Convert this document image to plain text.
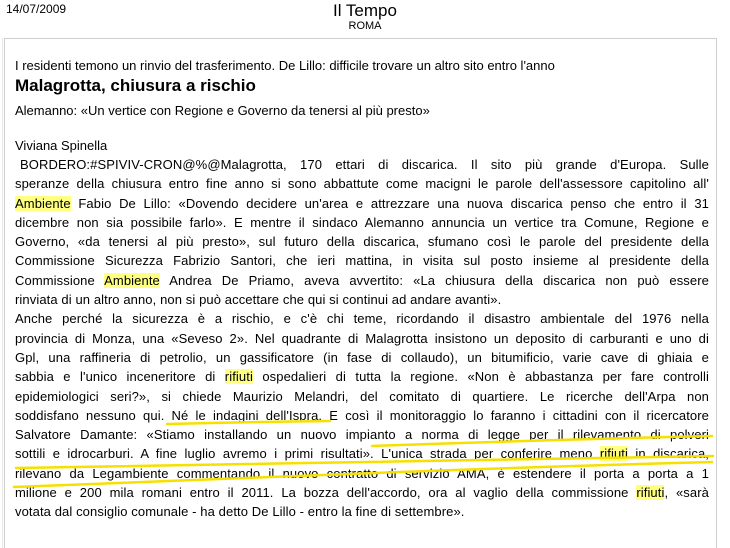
14/07/2009	Il Tempo
ROMA
I residenti temono un rinvio del trasferimento. De Lillo: difficile trovare un altro sito entro l'anno
Malagrotta, chiusura a rischio
Alemanno: «Un vertice con Regione e Governo da tenersi al più presto»
Viviana Spinella
BORDERO:#SPIVIV-CRON@%@Malagrotta, 170 ettari di discarica. Il sito più grande d'Europa. Sulle
speranze della chiusura entro fine anno si sono abbattute come macigni le parole dell'assessore capitolino all'
Ambiente Fabio De Lillo: «Dovendo decidere un'area e attrezzare una nuova discarica penso che entro il 31
dicembre non sia possibile farlo». E mentre il sindaco Alemanno annuncia un vertice tra Comune, Regione e
Governo, «da tenersi al più presto», sul futuro della discarica, sfumano così le parole del presidente della
Commissione Sicurezza Fabrizio Santori, che ieri mattina, in visita sul posto insieme al presidente della
Commissione Ambiente Andrea De Priamo, aveva avvertito: «La chiusura della discarica non può essere
rinviata di un altro anno, non si può accettare che qui si continui ad andare avanti».
Anche perché la sicurezza è a rischio, e c'è chi teme, ricordando il disastro ambientale del 1976 nella
provincia di Monza, una «Seveso 2». Nel quadrante di Malagrotta insistono un deposito di carburanti e uno di
Gpl, una raffineria di petrolio, un gassificatore (in fase di collaudo), un bitumificio, varie cave di ghiaia e
sabbia e l'unico inceneritore di rifiuti ospedalieri di tutta la regione. «Non è abbastanza per fare controlli
epidemiologici seri?», si chiede Maurizio Melandri, del comitato di quartiere. Le ricerche dell'Arpa non
soddisfano nessuno qui. Né le indagini dell'Ispra. E così il monitoraggio lo faranno i cittadini con il ricercatore
Salvatore Damante: «Stiamo installando un nuovo impianto a norma di legge per il rilevamento di polveri
sottili e idrocarburi. A fine luglio avremo i primi risultati». L'unica strada per conferire meno rifiuti in discarica,
rilevano da Legambiente commentando il nuovo contratto di servizio AMA, è estendere il porta a porta a 1
milione e 200 mila romani entro il 2011. La bozza dell'accordo, ora al vaglio della commissione rifiuti, «sarà
votata dal consiglio comunale - ha detto De Lillo - entro la fine di settembre».
